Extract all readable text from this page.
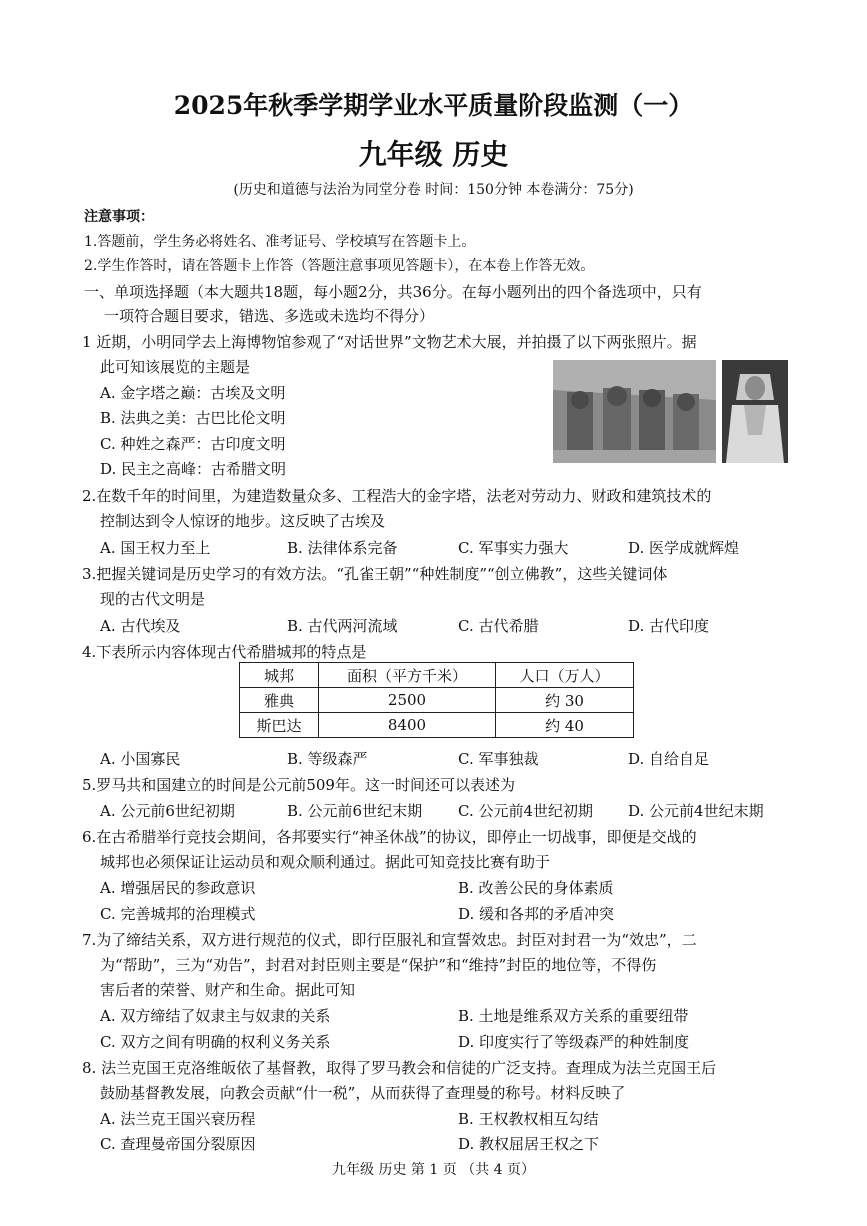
2025年秋季学期学业水平质量阶段监测（一）
九年级 历史
(历史和道德与法治为同堂分卷 时间：150分钟 本卷满分：75分)
注意事项：
1.答题前，学生务必将姓名、准考证号、学校填写在答题卡上。
2.学生作答时，请在答题卡上作答（答题注意事项见答题卡），在本卷上作答无效。
一、单项选择题（本大题共18题，每小题2分，共36分。在每小题列出的四个备选项中，只有
一项符合题目要求，错选、多选或未选均不得分）
1 近期，小明同学去上海博物馆参观了“对话世界”文物艺术大展，并拍摄了以下两张照片。据
此可知该展览的主题是
A. 金字塔之巅：古埃及文明
B. 法典之美：古巴比伦文明
C. 种姓之森严：古印度文明
D. 民主之高峰：古希腊文明
2.在数千年的时间里，为建造数量众多、工程浩大的金字塔，法老对劳动力、财政和建筑技术的
控制达到令人惊讶的地步。这反映了古埃及
A. 国王权力至上	B. 法律体系完备	C. 军事实力强大	D. 医学成就辉煌
3.把握关键词是历史学习的有效方法。“孔雀王朝”“种姓制度”“创立佛教”，这些关键词体
现的古代文明是
A. 古代埃及	B. 古代两河流域	C. 古代希腊	D. 古代印度
4.下表所示内容体现古代希腊城邦的特点是
城邦	面积（平方千米）	人口（万人）
雅典	2500	约 30
斯巴达	8400	约 40
A. 小国寡民	B. 等级森严	C. 军事独裁	D. 自给自足
5.罗马共和国建立的时间是公元前509年。这一时间还可以表述为
A. 公元前6世纪初期	B. 公元前6世纪末期 C. 公元前4世纪初期 D. 公元前4世纪末期
6.在古希腊举行竞技会期间，各邦要实行“神圣休战”的协议，即停止一切战事，即便是交战的
城邦也必须保证让运动员和观众顺利通过。据此可知竞技比赛有助于
A. 增强居民的参政意识	B. 改善公民的身体素质
C. 完善城邦的治理模式	D. 缓和各邦的矛盾冲突
7.为了缔结关系，双方进行规范的仪式，即行臣服礼和宣誓效忠。封臣对封君一为“效忠”，二
为“帮助”，三为“劝告”，封君对封臣则主要是“保护”和“维持”封臣的地位等，不得伤
害后者的荣誉、财产和生命。据此可知
A. 双方缔结了奴隶主与奴隶的关系	B. 土地是维系双方关系的重要纽带
C. 双方之间有明确的权利义务关系	D. 印度实行了等级森严的种姓制度
8. 法兰克国王克洛维皈依了基督教，取得了罗马教会和信徒的广泛支持。查理成为法兰克国王后
鼓励基督教发展，向教会贡献“什一税”，从而获得了查理曼的称号。材料反映了
A. 法兰克王国兴衰历程	B. 王权教权相互勾结
C. 查理曼帝国分裂原因	D. 教权屈居王权之下
九年级 历史 第 1 页 （共 4 页）
